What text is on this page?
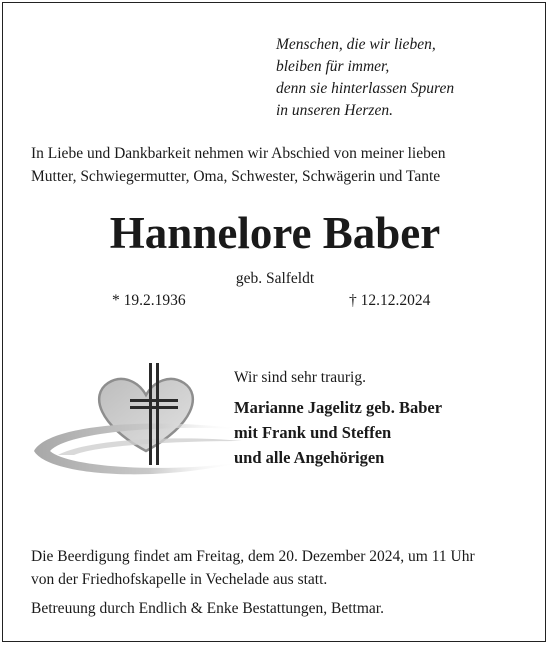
Menschen, die wir lieben,
bleiben für immer,
denn sie hinterlassen Spuren
in unseren Herzen.
In Liebe und Dankbarkeit nehmen wir Abschied von meiner lieben
Mutter, Schwiegermutter, Oma, Schwester, Schwägerin und Tante
Hannelore Baber
geb. Salfeldt
* 19.2.1936	† 12.12.2024
Wir sind sehr traurig.
Marianne Jagelitz geb. Baber
mit Frank und Steffen
und alle Angehörigen
Die Beerdigung findet am Freitag, dem 20. Dezember 2024, um 11 Uhr
von der Friedhofskapelle in Vechelade aus statt.
Betreuung durch Endlich & Enke Bestattungen, Bettmar.
